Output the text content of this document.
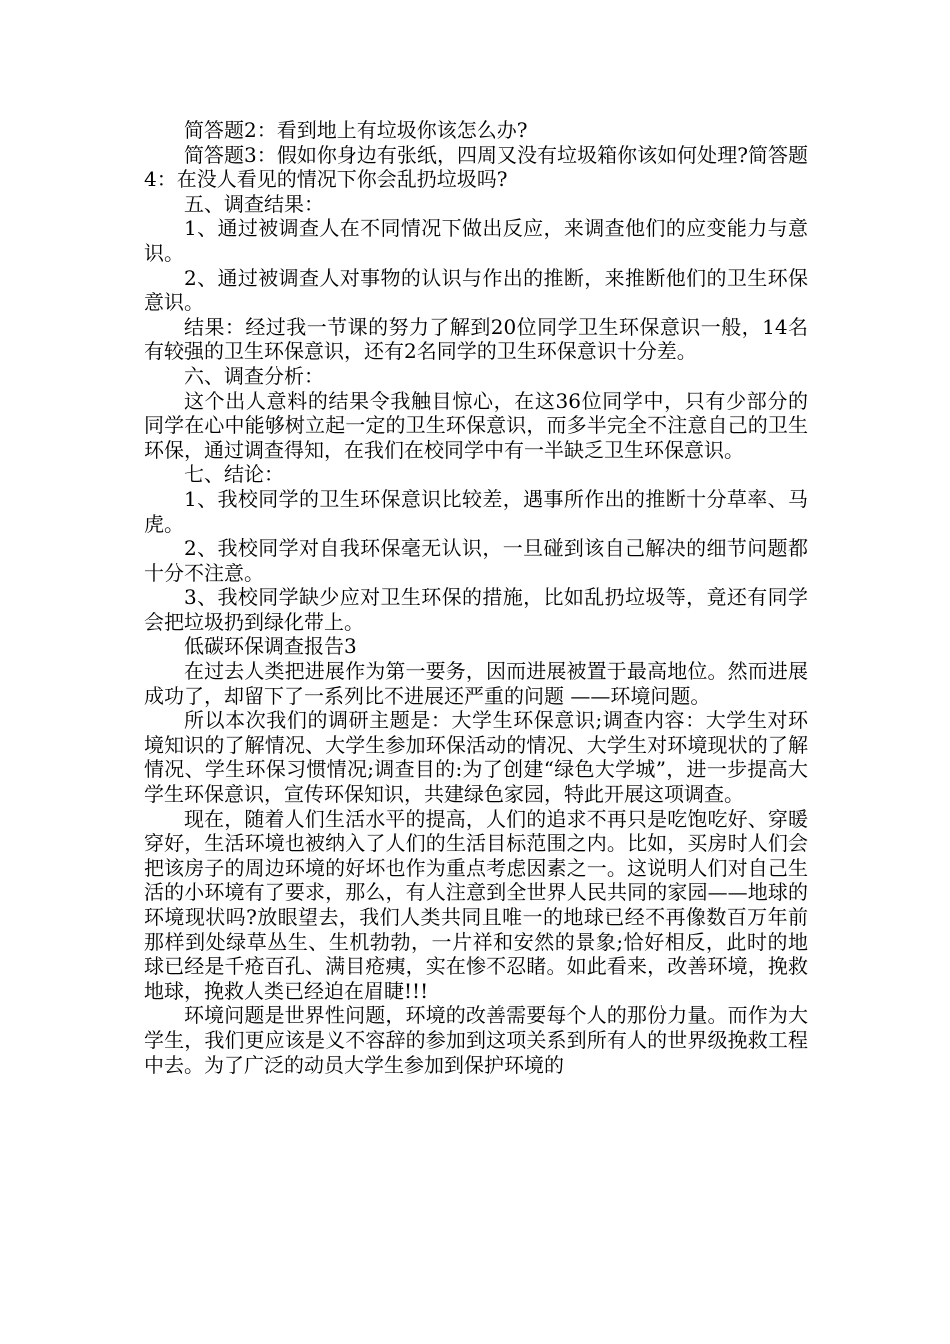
简答题2：看到地上有垃圾你该怎么办?

简答题3：假如你身边有张纸，四周又没有垃圾箱你该如何处理?简答题4：在没人看见的情况下你会乱扔垃圾吗?

五、调查结果：

1、通过被调查人在不同情况下做出反应，来调查他们的应变能力与意识。

2、通过被调查人对事物的认识与作出的推断，来推断他们的卫生环保意识。

结果：经过我一节课的努力了解到20位同学卫生环保意识一般，14名有较强的卫生环保意识，还有2名同学的卫生环保意识十分差。

六、调查分析：

这个出人意料的结果令我触目惊心，在这36位同学中，只有少部分的同学在心中能够树立起一定的卫生环保意识，而多半完全不注意自己的卫生环保，通过调查得知，在我们在校同学中有一半缺乏卫生环保意识。

七、结论：

1、我校同学的卫生环保意识比较差，遇事所作出的推断十分草率、马虎。

2、我校同学对自我环保毫无认识，一旦碰到该自己解决的细节问题都十分不注意。

3、我校同学缺少应对卫生环保的措施，比如乱扔垃圾等，竟还有同学会把垃圾扔到绿化带上。

低碳环保调查报告3

在过去人类把进展作为第一要务，因而进展被置于最高地位。然而进展成功了，却留下了一系列比不进展还严重的问题 ——环境问题。

所以本次我们的调研主题是：大学生环保意识;调查内容：大学生对环境知识的了解情况、大学生参加环保活动的情况、大学生对环境现状的了解情况、学生环保习惯情况;调查目的:为了创建“绿色大学城”，进一步提高大学生环保意识，宣传环保知识，共建绿色家园，特此开展这项调查。

现在，随着人们生活水平的提高，人们的追求不再只是吃饱吃好、穿暖穿好，生活环境也被纳入了人们的生活目标范围之内。比如，买房时人们会把该房子的周边环境的好坏也作为重点考虑因素之一。这说明人们对自己生活的小环境有了要求，那么，有人注意到全世界人民共同的家园——地球的环境现状吗?放眼望去，我们人类共同且唯一的地球已经不再像数百万年前那样到处绿草丛生、生机勃勃，一片祥和安然的景象;恰好相反，此时的地球已经是千疮百孔、满目疮痍，实在惨不忍睹。如此看来，改善环境，挽救地球，挽救人类已经迫在眉睫!!!

环境问题是世界性问题，环境的改善需要每个人的那份力量。而作为大学生，我们更应该是义不容辞的参加到这项关系到所有人的世界级挽救工程中去。为了广泛的动员大学生参加到保护环境的
